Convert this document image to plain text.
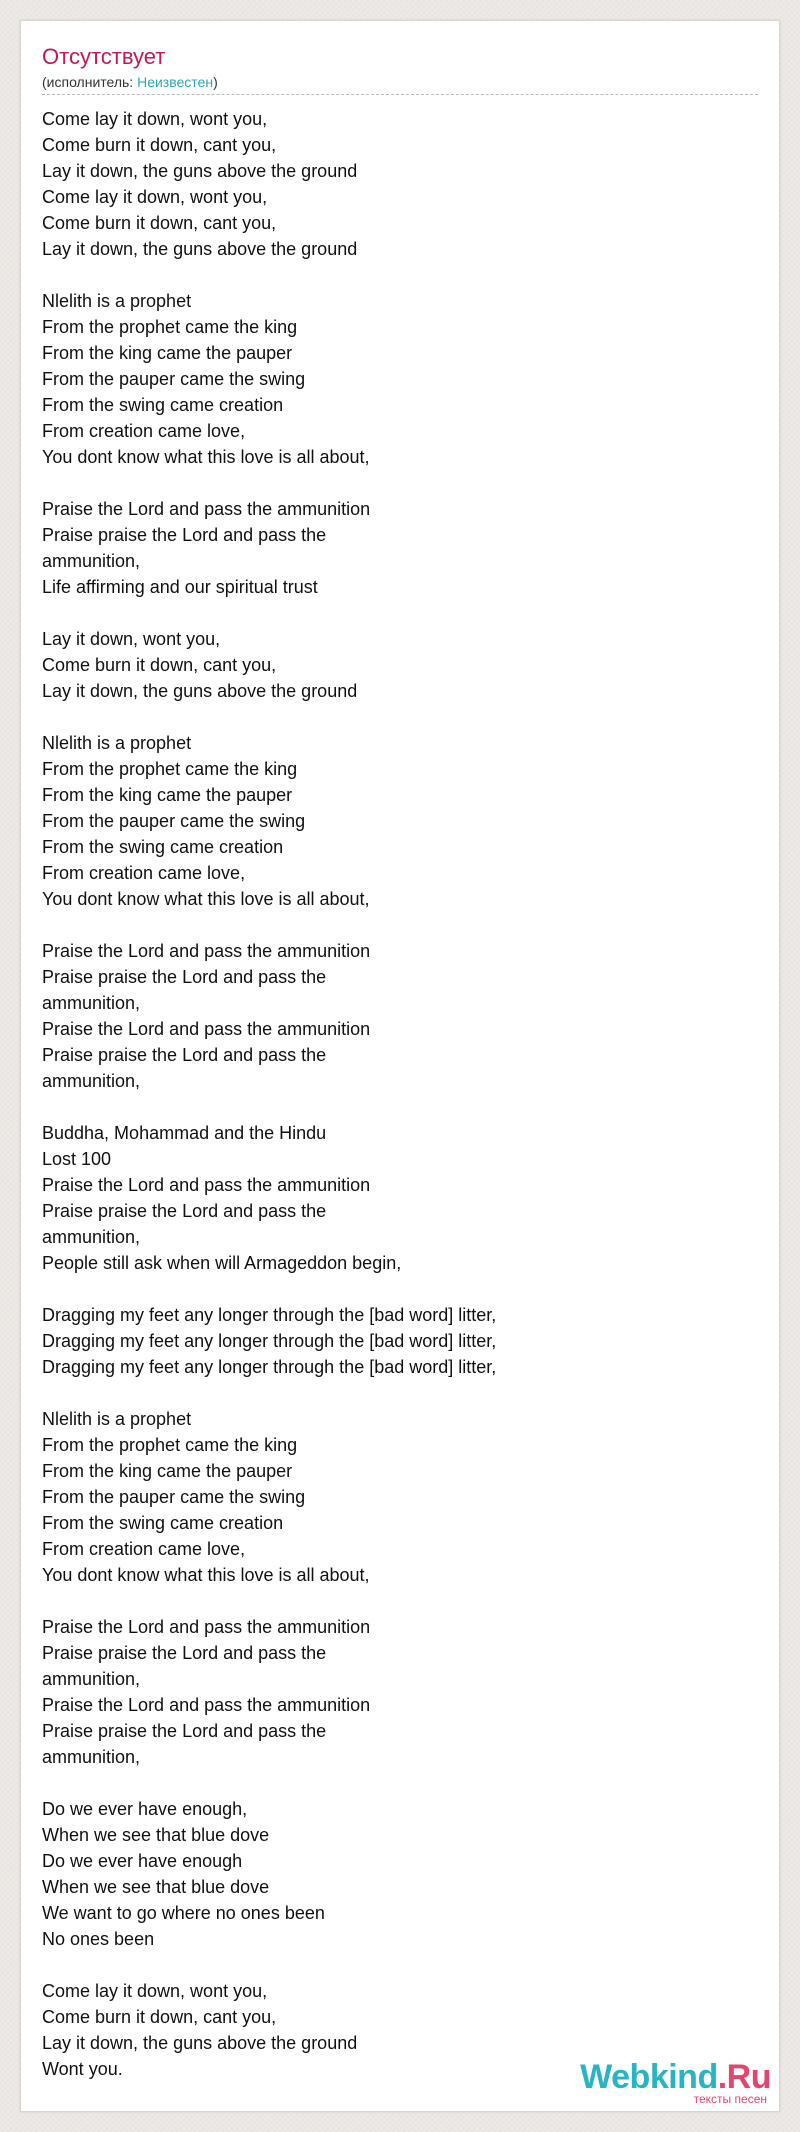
Отсутствует
(исполнитель: Неизвестен)
Come lay it down, wont you,
Come burn it down, cant you,
Lay it down, the guns above the ground
Come lay it down, wont you,
Come burn it down, cant you,
Lay it down, the guns above the ground
Nlelith is a prophet
From the prophet came the king
From the king came the pauper
From the pauper came the swing
From the swing came creation
From creation came love,
You dont know what this love is all about,
Praise the Lord and pass the ammunition
Praise praise the Lord and pass the
ammunition,
Life affirming and our spiritual trust
Lay it down, wont you,
Come burn it down, cant you,
Lay it down, the guns above the ground
Nlelith is a prophet
From the prophet came the king
From the king came the pauper
From the pauper came the swing
From the swing came creation
From creation came love,
You dont know what this love is all about,
Praise the Lord and pass the ammunition
Praise praise the Lord and pass the
ammunition,
Praise the Lord and pass the ammunition
Praise praise the Lord and pass the
ammunition,
Buddha, Mohammad and the Hindu
Lost 100
Praise the Lord and pass the ammunition
Praise praise the Lord and pass the
ammunition,
People still ask when will Armageddon begin,
Dragging my feet any longer through the [bad word] litter,
Dragging my feet any longer through the [bad word] litter,
Dragging my feet any longer through the [bad word] litter,
Nlelith is a prophet
From the prophet came the king
From the king came the pauper
From the pauper came the swing
From the swing came creation
From creation came love,
You dont know what this love is all about,
Praise the Lord and pass the ammunition
Praise praise the Lord and pass the
ammunition,
Praise the Lord and pass the ammunition
Praise praise the Lord and pass the
ammunition,
Do we ever have enough,
When we see that blue dove
Do we ever have enough
When we see that blue dove
We want to go where no ones been
No ones been
Come lay it down, wont you,
Come burn it down, cant you,
Lay it down, the guns above the ground
Wont you.	Webkind.Ru
тексты песен
